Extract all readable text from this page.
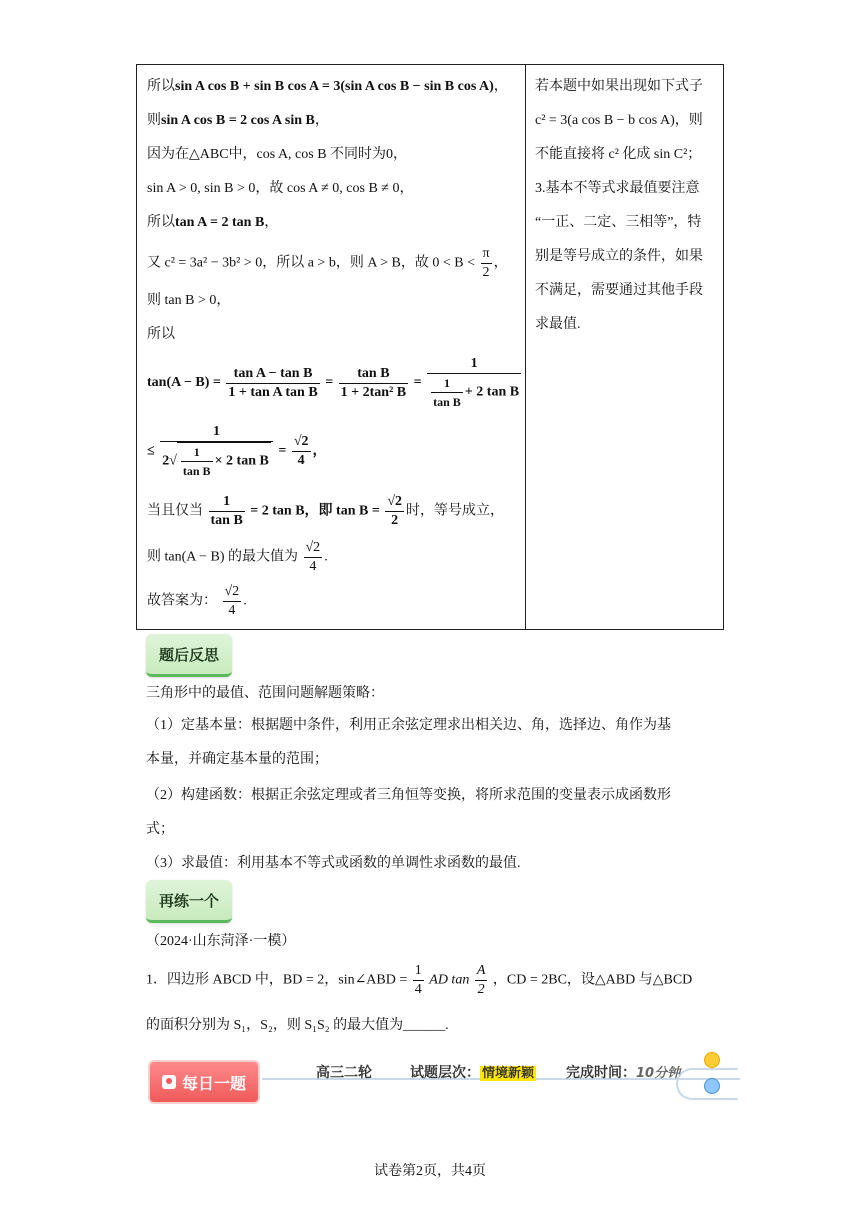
所以sin A cos B + sin B cos A = 3(sin A cos B − sin B cos A)，
则sin A cos B = 2 cos A sin B，
因为在△ABC中，cos A, cos B 不同时为0，
sin A > 0, sin B > 0，故 cos A ≠ 0, cos B ≠ 0，
所以tan A = 2 tan B，
又 c² = 3a² − 3b² > 0，所以 a > b，则 A > B，故 $0 < B < \frac{\pi}{2}$ ，
则 tan B > 0，
所以
$\tan(A - B) = \frac{\text{tan A − tan B}}{\text{1 + tan A tan B}} = \frac{\text{tan B}}{\text{1 + 2tan² B}} = \frac{1}{\frac{1}{\text{tan B}} + 2 \tan B}$
≤ $\frac{1}{2√ \frac{1}{\text{tan B}} \times 2 \tan B} = \frac{√2}{4}$ ，
当且仅当 $\frac{1}{\text{tan B}} = 2$ tan B，即 $\tan B = \frac{√2}{2}$ 时，等号成立，
则 tan(A − B) 的最大值为 $\frac{√2}{4}$ .
故答案为： $\frac{√2}{4}$ .
若本题中如果出现如下式子
c² = 3(a cos B − b cos A)，则
不能直接将 c² 化成 sin C²；
3.基本不等式求最值要注意
“一正、二定、三相等”，特
别是等号成立的条件，如果
不满足，需要通过其他手段
求最值.
题后反思
三角形中的最值、范围问题解题策略：
（1）定基本量：根据题中条件，利用正余弦定理求出相关边、角，选择边、角作为基
本量，并确定基本量的范围；
（2）构建函数：根据正余弦定理或者三角恒等变换，将所求范围的变量表示成函数形
式；
（3）求最值：利用基本不等式或函数的单调性求函数的最值.
再练一个
（2024·山东菏泽·一模）
1．四边形 ABCD 中，BD = 2，sin∠ABD = $\frac{1}{4}$ AD $\tan \frac{A}{2}$ ，CD = 2BC，设△ABD 与△BCD
的面积分别为 S₁，S₂，则 S₁S₂ 的最大值为______.
每日一题
高三二轮	试题层次： 情境新颖 完成时间：10分钟
试卷第2页，共4页
